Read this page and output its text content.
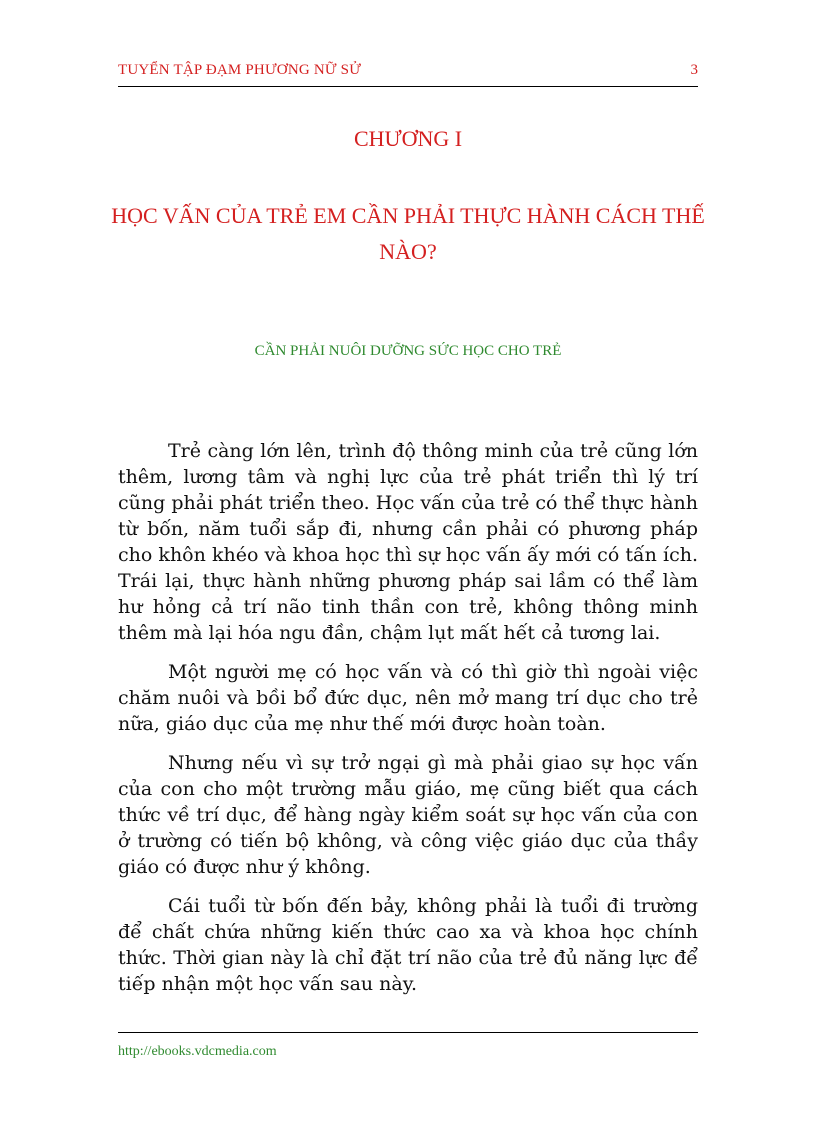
TUYỂN TẬP ĐẠM PHƯƠNG NỮ SỬ	3
CHƯƠNG I
HỌC VẤN CỦA TRẺ EM CẦN PHẢI THỰC HÀNH CÁCH THẾ NÀO?
CẦN PHẢI NUÔI DƯỠNG SỨC HỌC CHO TRẺ

Trẻ càng lớn lên, trình độ thông minh của trẻ cũng lớn thêm, lương tâm và nghị lực của trẻ phát triển thì lý trí cũng phải phát triển theo. Học vấn của trẻ có thể thực hành từ bốn, năm tuổi sắp đi, nhưng cần phải có phương pháp cho khôn khéo và khoa học thì sự học vấn ấy mới có tấn ích. Trái lại, thực hành những phương pháp sai lầm có thể làm hư hỏng cả trí não tinh thần con trẻ, không thông minh thêm mà lại hóa ngu đần, chậm lụt mất hết cả tương lai.

Một người mẹ có học vấn và có thì giờ thì ngoài việc chăm nuôi và bồi bổ đức dục, nên mở mang trí dục cho trẻ nữa, giáo dục của mẹ như thế mới được hoàn toàn.

Nhưng nếu vì sự trở ngại gì mà phải giao sự học vấn của con cho một trường mẫu giáo, mẹ cũng biết qua cách thức về trí dục, để hàng ngày kiểm soát sự học vấn của con ở trường có tiến bộ không, và công việc giáo dục của thầy giáo có được như ý không.

Cái tuổi từ bốn đến bảy, không phải là tuổi đi trường để chất chứa những kiến thức cao xa và khoa học chính thức. Thời gian này là chỉ đặt trí não của trẻ đủ năng lực để tiếp nhận một học vấn sau này.

http://ebooks.vdcmedia.com
